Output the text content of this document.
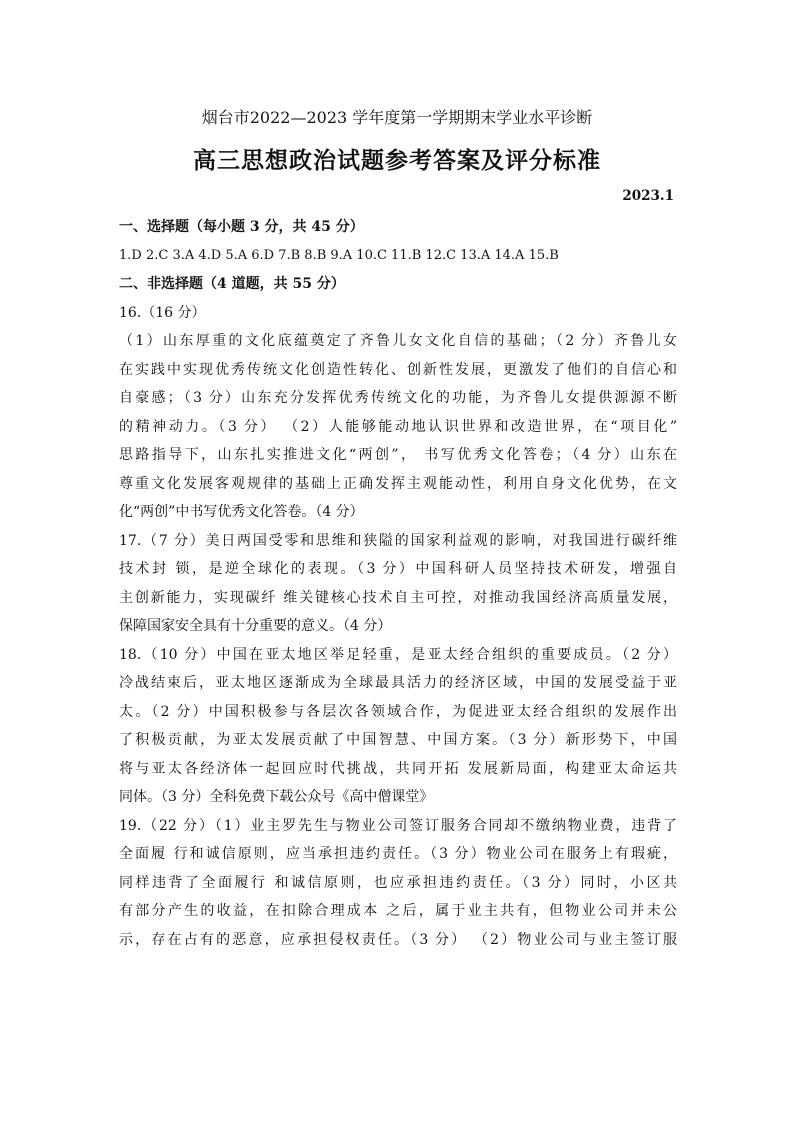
烟台市2022—2023 学年度第一学期期末学业水平诊断
高三思想政治试题参考答案及评分标准
2023.1
一、选择题（每小题 3 分，共 45 分）
1.D 2.C 3.A 4.D 5.A 6.D 7.B 8.B 9.A 10.C 11.B 12.C 13.A 14.A 15.B
二、非选择题（4 道题，共 55 分）
16.（16 分）
（1）山东厚重的文化底蕴奠定了齐鲁儿女文化自信的基础；（2 分）齐鲁儿女
在实践中实现优秀传统文化创造性转化、创新性发展，更激发了他们的自信心和
自豪感；（3 分）山东充分发挥优秀传统文化的功能，为齐鲁儿女提供源源不断
的精神动力。（3 分） （2）人能够能动地认识世界和改造世界，在“项目化”
思路指导下，山东扎实推进文化“两创”， 书写优秀文化答卷；（4 分）山东在
尊重文化发展客观规律的基础上正确发挥主观能动性，利用自身文化优势，在文
化“两创”中书写优秀文化答卷。（4 分）
17.（7 分）美日两国受零和思维和狭隘的国家利益观的影响，对我国进行碳纤维
技术封 锁，是逆全球化的表现。（3 分）中国科研人员坚持技术研发，增强自
主创新能力，实现碳纤 维关键核心技术自主可控，对推动我国经济高质量发展，
保障国家安全具有十分重要的意义。（4 分）
18.（10 分）中国在亚太地区举足轻重，是亚太经合组织的重要成员。（2 分）
冷战结束后，亚太地区逐渐成为全球最具活力的经济区域，中国的发展受益于亚
太。（2 分）中国积极参与各层次各领域合作，为促进亚太经合组织的发展作出
了积极贡献，为亚太发展贡献了中国智慧、中国方案。（3 分）新形势下，中国
将与亚太各经济体一起回应时代挑战，共同开拓 发展新局面，构建亚太命运共
同体。（3 分）全科免费下载公众号《高中僧课堂》
19.（22 分）（1）业主罗先生与物业公司签订服务合同却不缴纳物业费，违背了
全面履 行和诚信原则，应当承担违约责任。（3 分）物业公司在服务上有瑕疵，
同样违背了全面履行 和诚信原则，也应承担违约责任。（3 分）同时，小区共
有部分产生的收益，在扣除合理成本 之后，属于业主共有，但物业公司并未公
示，存在占有的恶意，应承担侵权责任。（3 分） （2）物业公司与业主签订服
